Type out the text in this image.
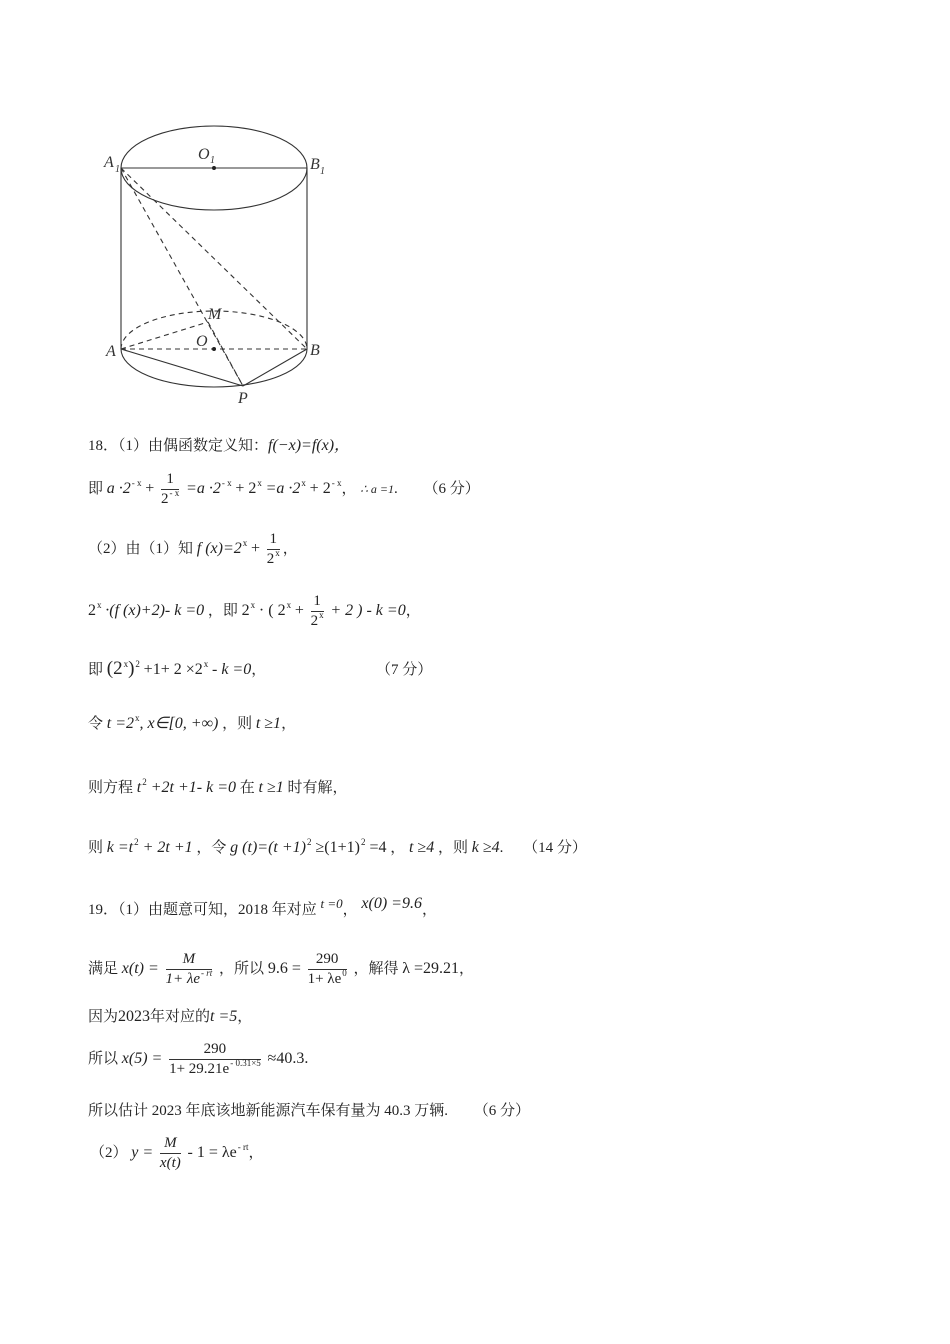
A 1
O 1	B 1
M
A
O
B
P
18．（1）由偶函数定义知：f(−x)=f(x)，
即 $a \cdot 2^{- x} + \frac{1}{2^{- x}} =a \cdot 2^{- x} + 2^x =a \cdot 2^x + 2^{- x}$， ∴ a =1. （6 分）
（2）由（1）知 f $(x)=2^x + \frac{1}{2^x}$ ，
$2^x \cdot(f$ (x)+2)- k =0 ，即 $2^x$ · ( $2^x + \frac{1}{2^x} + 2$ ) - k =0，
即 $(2^x)^2 +1+ 2 \times 2^x - k =0$，	（7 分）
令 $t =2^x$, x∈[0, +∞) ，则 t ≥1，
则方程 $t^2 +2t +1-$ k =0 在 t ≥1 时有解，
则 $k =t^2 + 2t +1$ ，令 g $(t)=(t +1)^2 \ge(1+1)^2 =4$ ， t ≥4 ，则 k ≥4. （14 分）
19．（1）由题意可知，2018 年对应 t =0， x(0) =9.6，
满足 $x(t) = \frac{M}{1+ \lambda e^{- rt}}$ ，所以 $9.6 = \frac{290}{1+ \lambda e^0}$ ，解得 λ =29.21，
因为2023年对应的t =5，
所以 $x(5) = \frac{290}{1+ 29.21e^{- 0.31\times 5}} \approx 40.3$.
所以估计 2023 年底该地新能源汽车保有量为 40.3 万辆. （6 分）
（2） $y = \frac{M}{x(t)} - 1 = \lambda e^{- rt}$，
